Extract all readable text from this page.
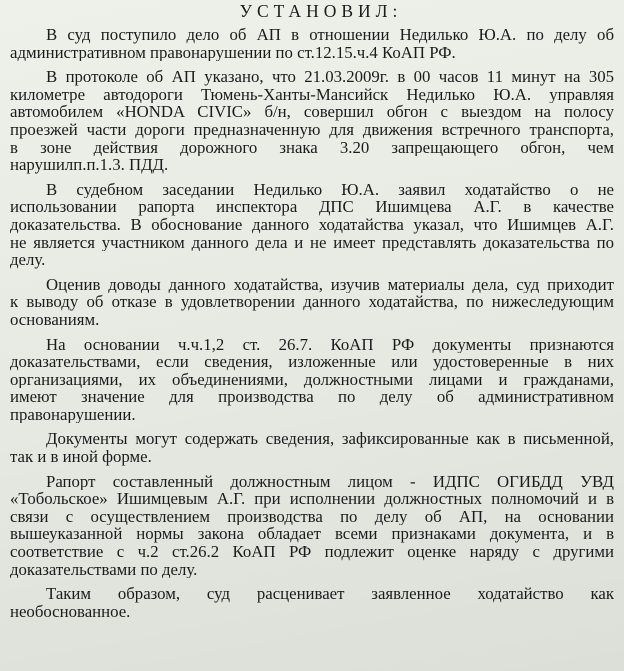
УСТАНОВИЛ:
В суд поступило дело об АП в отношении Недилько Ю.А. по делу об
административном правонарушении по ст.12.15.ч.4 КоАП РФ.
В протоколе об АП указано, что 21.03.2009г. в 00 часов 11 минут на 305
километре автодороги Тюмень-Ханты-Мансийск Недилько Ю.А. управляя
автомобилем «HONDA CIVIC» б/н, совершил обгон с выездом на полосу
проезжей части дороги предназначенную для движения встречного транспорта,
в зоне действия дорожного знака 3.20 запрещающего обгон, чем
нарушилп.п.1.3. ПДД.
В судебном заседании Недилько Ю.А. заявил ходатайство о не
использовании рапорта инспектора ДПС Ишимцева А.Г. в качестве
доказательства. В обоснование данного ходатайства указал, что Ишимцев А.Г.
не является участником данного дела и не имеет представлять доказательства по
делу.
Оценив доводы данного ходатайства, изучив материалы дела, суд приходит
к выводу об отказе в удовлетворении данного ходатайства, по нижеследующим
основаниям.
На основании ч.ч.1,2 ст. 26.7. КоАП РФ документы признаются
доказательствами, если сведения, изложенные или удостоверенные в них
организациями, их объединениями, должностными лицами и гражданами,
имеют значение для производства по делу об административном
правонарушении.
Документы могут содержать сведения, зафиксированные как в письменной,
так и в иной форме.
Рапорт составленный должностным лицом - ИДПС ОГИБДД УВД
«Тобольское» Ишимцевым А.Г. при исполнении должностных полномочий и в
связи с осуществлением производства по делу об АП, на основании
вышеуказанной нормы закона обладает всеми признаками документа, и в
соответствие с ч.2 ст.26.2 КоАП РФ подлежит оценке наряду с другими
доказательствами по делу.
Таким образом, суд расценивает заявленное ходатайство как
необоснованное.
